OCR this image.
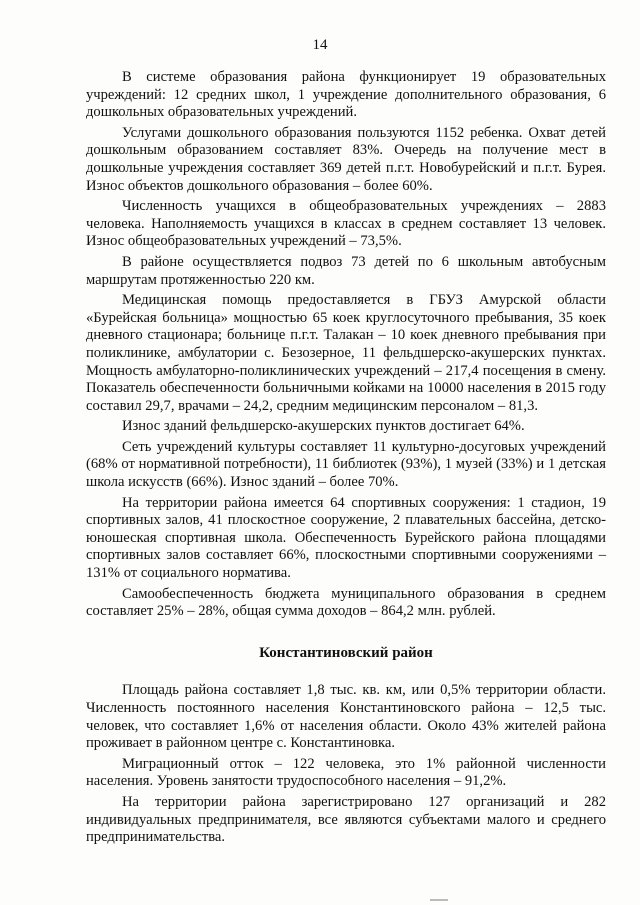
14

В системе образования района функционирует 19 образовательных учреждений: 12 средних школ, 1 учреждение дополнительного образования, 6 дошкольных образовательных учреждений.

Услугами дошкольного образования пользуются 1152 ребенка. Охват детей дошкольным образованием составляет 83%. Очередь на получение мест в дошкольные учреждения составляет 369 детей п.г.т. Новобурейский и п.г.т. Бурея. Износ объектов дошкольного образования – более 60%.

Численность учащихся в общеобразовательных учреждениях – 2883 человека. Наполняемость учащихся в классах в среднем составляет 13 человек. Износ общеобразовательных учреждений – 73,5%.

В районе осуществляется подвоз 73 детей по 6 школьным автобусным маршрутам протяженностью 220 км.

Медицинская помощь предоставляется в ГБУЗ Амурской области «Бурейская больница» мощностью 65 коек круглосуточного пребывания, 35 коек дневного стационара; больнице п.г.т. Талакан – 10 коек дневного пребывания при поликлинике, амбулатории с. Безозерное, 11 фельдшерско-акушерских пунктах. Мощность амбулаторно-поликлинических учреждений – 217,4 посещения в смену. Показатель обеспеченности больничными койками на 10000 населения в 2015 году составил 29,7, врачами – 24,2, средним медицинским персоналом – 81,3.

Износ зданий фельдшерско-акушерских пунктов достигает 64%.

Сеть учреждений культуры составляет 11 культурно-досуговых учреждений (68% от нормативной потребности), 11 библиотек (93%), 1 музей (33%) и 1 детская школа искусств (66%). Износ зданий – более 70%.

На территории района имеется 64 спортивных сооружения: 1 стадион, 19 спортивных залов, 41 плоскостное сооружение, 2 плавательных бассейна, детско-юношеская спортивная школа. Обеспеченность Бурейского района площадями спортивных залов составляет 66%, плоскостными спортивными сооружениями – 131% от социального норматива.

Самообеспеченность бюджета муниципального образования в среднем составляет 25% – 28%, общая сумма доходов – 864,2 млн. рублей.

Константиновский район

Площадь района составляет 1,8 тыс. кв. км, или 0,5% территории области. Численность постоянного населения Константиновского района – 12,5 тыс. человек, что составляет 1,6% от населения области. Около 43% жителей района проживает в районном центре с. Константиновка.

Миграционный отток – 122 человека, это 1% районной численности населения. Уровень занятости трудоспособного населения – 91,2%.

На территории района зарегистрировано 127 организаций и 282 индивидуальных предпринимателя, все являются субъектами малого и среднего предпринимательства.
